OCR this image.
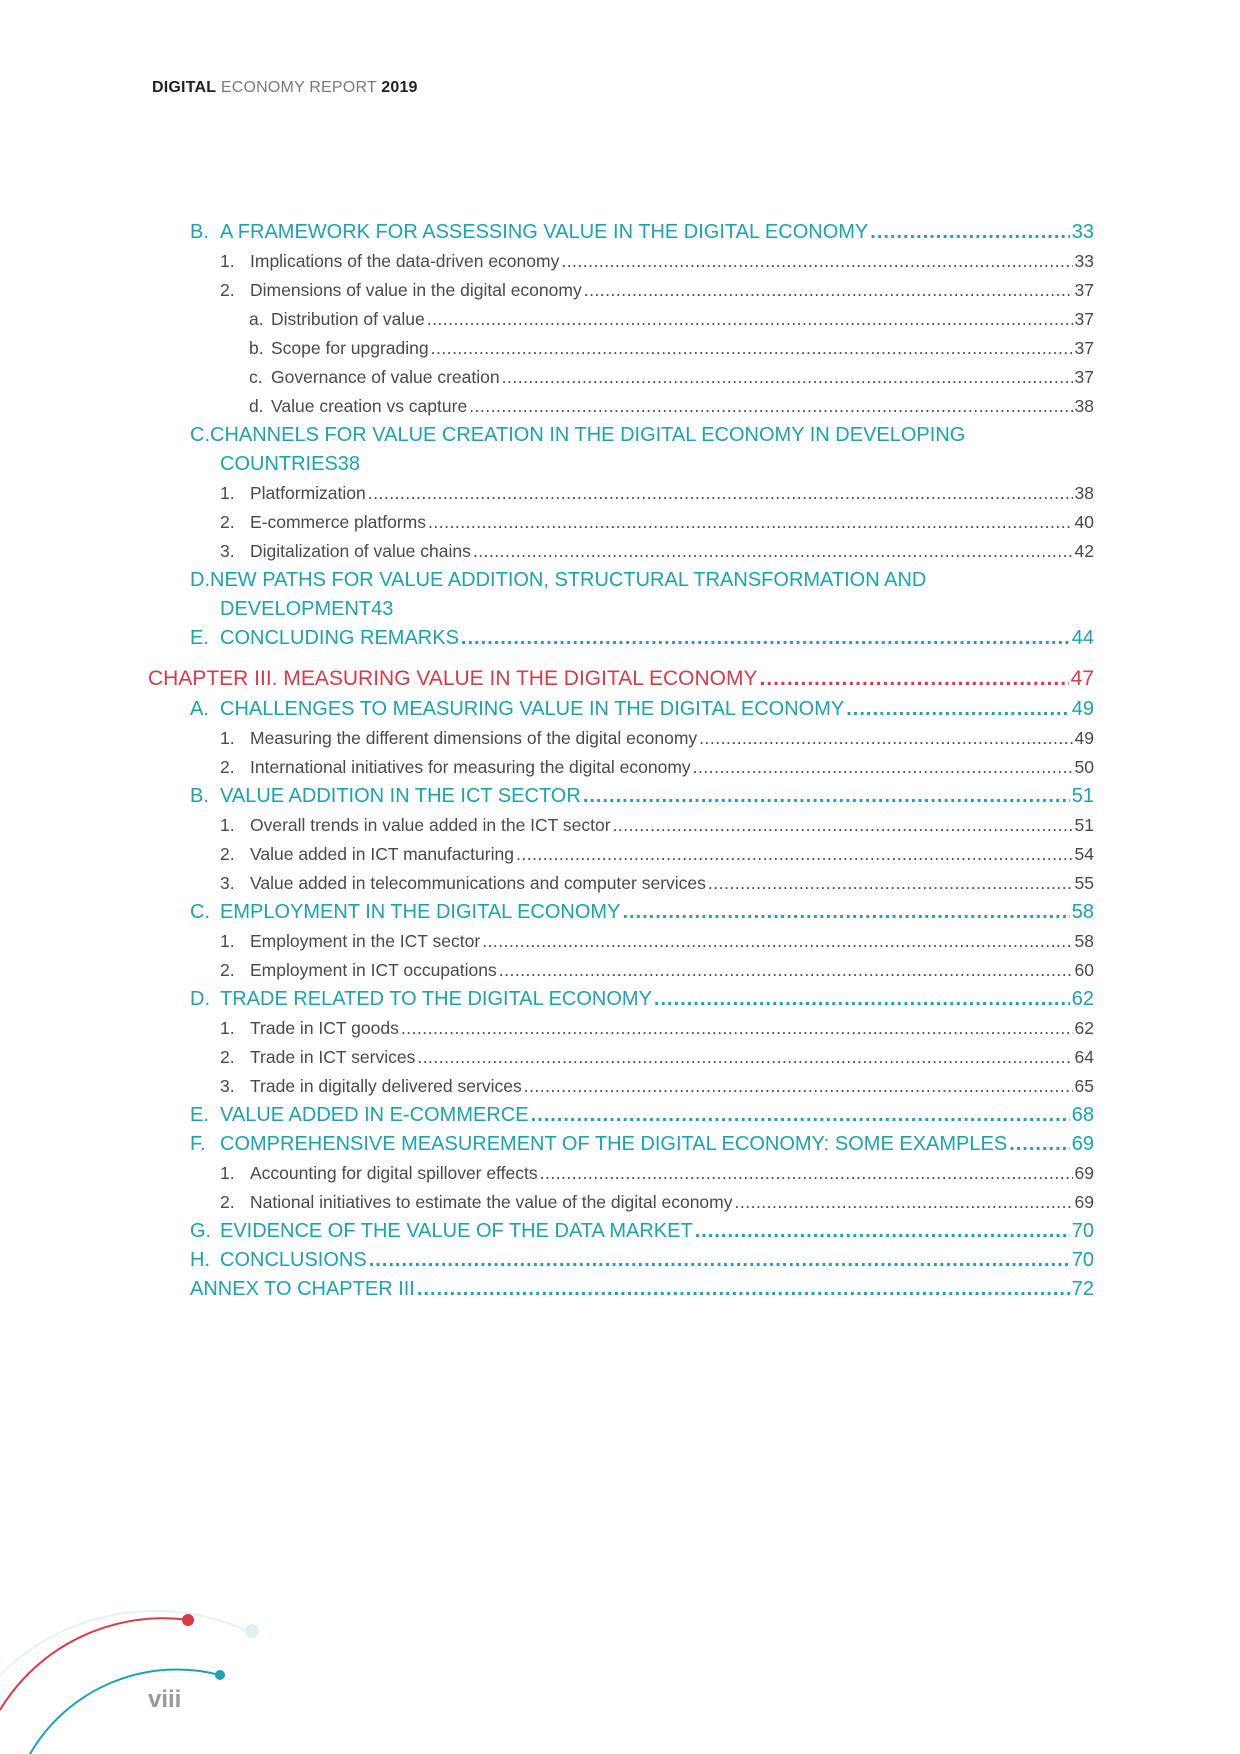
DIGITAL ECONOMY REPORT 2019
B. A FRAMEWORK FOR ASSESSING VALUE IN THE DIGITAL ECONOMY .....	33
1. Implications of the data-driven economy .....	33
2. Dimensions of value in the digital economy .....	37
a. Distribution of value .....	37
b. Scope for upgrading .....	37
c. Governance of value creation .....	37
d. Value creation vs capture .....	38
C.CHANNELS FOR VALUE CREATION IN THE DIGITAL ECONOMY IN DEVELOPING
COUNTRIES 38
1. Platformization .....	38
2. E-commerce platforms .....	40
3. Digitalization of value chains .....	42
D.NEW PATHS FOR VALUE ADDITION, STRUCTURAL TRANSFORMATION AND
DEVELOPMENT 43
E. CONCLUDING REMARKS .....	44
CHAPTER III. MEASURING VALUE IN THE DIGITAL ECONOMY .....	47
A. CHALLENGES TO MEASURING VALUE IN THE DIGITAL ECONOMY .....	49
1. Measuring the different dimensions of the digital economy .....	49
2. International initiatives for measuring the digital economy .....	50
B. VALUE ADDITION IN THE ICT SECTOR .....	51
1. Overall trends in value added in the ICT sector .....	51
2. Value added in ICT manufacturing .....	54
3. Value added in telecommunications and computer services .....	55
C. EMPLOYMENT IN THE DIGITAL ECONOMY .....	58
1. Employment in the ICT sector .....	58
2. Employment in ICT occupations .....	60
D. TRADE RELATED TO THE DIGITAL ECONOMY .....	62
1. Trade in ICT goods .....	62
2. Trade in ICT services .....	64
3. Trade in digitally delivered services .....	65
E. VALUE ADDED IN E-COMMERCE .....	68
F. COMPREHENSIVE MEASUREMENT OF THE DIGITAL ECONOMY: SOME EXAMPLES .....	69
1. Accounting for digital spillover effects .....	69
2. National initiatives to estimate the value of the digital economy .....	69
G. EVIDENCE OF THE VALUE OF THE DATA MARKET .....	70
H. CONCLUSIONS .....	70
ANNEX TO CHAPTER III .....	72
viii
